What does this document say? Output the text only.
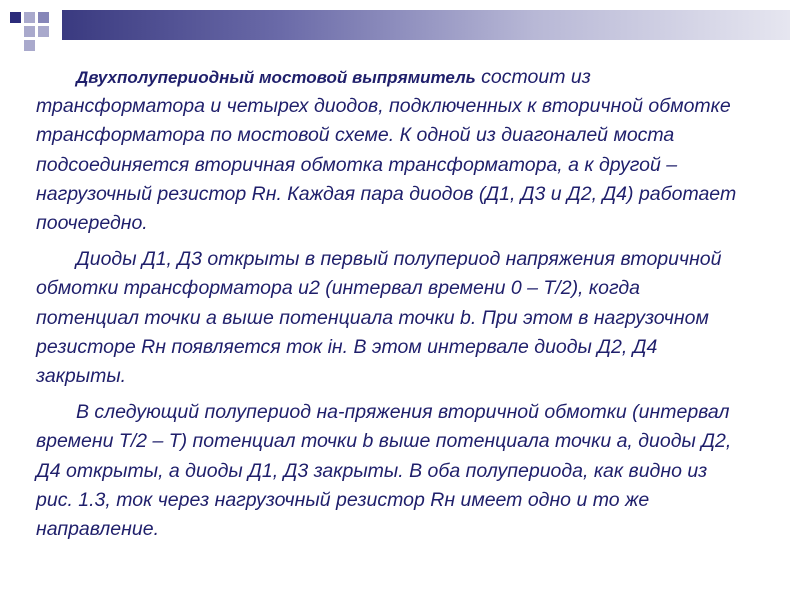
Двухполупериодный мостовой выпрямитель состоит из трансформатора и четырех диодов, подключенных к вторичной обмотке трансформатора по мостовой схеме. К одной из диагоналей моста подсоединяется вторичная обмотка трансформатора, а к другой – нагрузочный резистор Rн. Каждая пара диодов (Д1, Д3 и Д2, Д4) работает поочередно.

Диоды Д1, Д3 открыты в первый полупериод напряжения вторичной обмотки трансформатора u2 (интервал времени 0 – T/2), когда потенциал точки а выше потенциала точки b. При этом в нагрузочном резисторе Rн появляется ток iн. В этом интервале диоды Д2, Д4 закрыты.

В следующий полупериод на-пряжения вторичной обмотки (интервал времени T/2 – T) потенциал точки b выше потенциала точки а, диоды Д2, Д4 открыты, а диоды Д1, Д3 закрыты. В оба полупериода, как видно из рис. 1.3, ток через нагрузочный резистор Rн имеет одно и то же направление.
